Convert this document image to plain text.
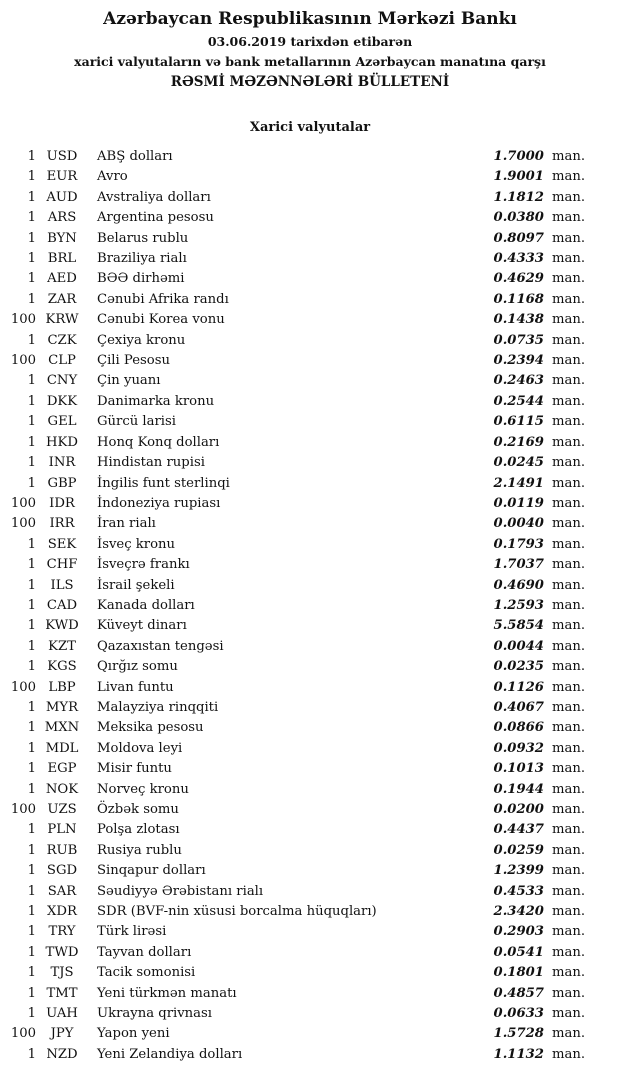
Azərbaycan Respublikasının Mərkəzi Bankı
03.06.2019 tarixdən etibarən
xarici valyutaların və bank metallarının Azərbaycan manatına qarşı
RƏSMİ MƏZƏNNƏLƏRİ BÜLLETENİ
Xarici valyutalar
1 USD	ABŞ dolları	1.7000 man.
1 EUR	Avro	1.9001 man.
1 AUD	Avstraliya dolları	1.1812 man.
1 ARS	Argentina pesosu	0.0380 man.
1 BYN	Belarus rublu	0.8097 man.
1 BRL	Braziliya rialı	0.4333 man.
1 AED	BƏƏ dirhəmi	0.4629 man.
1 ZAR	Cənubi Afrika randı	0.1168 man.
100 KRW	Cənubi Korea vonu	0.1438 man.
1 CZK	Çexiya kronu	0.0735 man.
100 CLP	Çili Pesosu	0.2394 man.
1 CNY	Çin yuanı	0.2463 man.
1 DKK	Danimarka kronu	0.2544 man.
1 GEL	Gürcü larisi	0.6115 man.
1 HKD	Honq Konq dolları	0.2169 man.
1 INR	Hindistan rupisi	0.0245 man.
1 GBP	İngilis funt sterlinqi	2.1491 man.
100 IDR	İndoneziya rupiası	0.0119 man.
100	IRR	İran rialı	0.0040 man.
1 SEK	İsveç kronu	0.1793 man.
1 CHF	İsveçrə frankı	1.7037 man.
1	ILS	İsrail şekeli	0.4690 man.
1 CAD	Kanada dolları	1.2593 man.
1 KWD	Küveyt dinarı	5.5854 man.
1 KZT	Qazaxıstan tengəsi	0.0044 man.
1 KGS	Qırğız somu	0.0235 man.
100 LBP	Livan funtu	0.1126 man.
1 MYR	Malayziya rinqqiti	0.4067 man.
1 MXN	Meksika pesosu	0.0866 man.
1 MDL	Moldova leyi	0.0932 man.
1 EGP	Misir funtu	0.1013 man.
1 NOK	Norveç kronu	0.1944 man.
100 UZS	Özbək somu	0.0200 man.
1 PLN	Polşa zlotası	0.4437 man.
1 RUB	Rusiya rublu	0.0259 man.
1 SGD	Sinqapur dolları	1.2399 man.
1 SAR	Səudiyyə Ərəbistanı rialı	0.4533 man.
1 XDR	SDR (BVF-nin xüsusi borcalma hüquqları)	2.3420 man.
1 TRY	Türk lirəsi	0.2903 man.
1 TWD	Tayvan dolları	0.0541 man.
1	TJS	Tacik somonisi	0.1801 man.
1 TMT	Yeni türkmən manatı	0.4857 man.
1 UAH	Ukrayna qrivnası	0.0633 man.
100	JPY	Yapon yeni	1.5728 man.
1 NZD	Yeni Zelandiya dolları	1.1132 man.
